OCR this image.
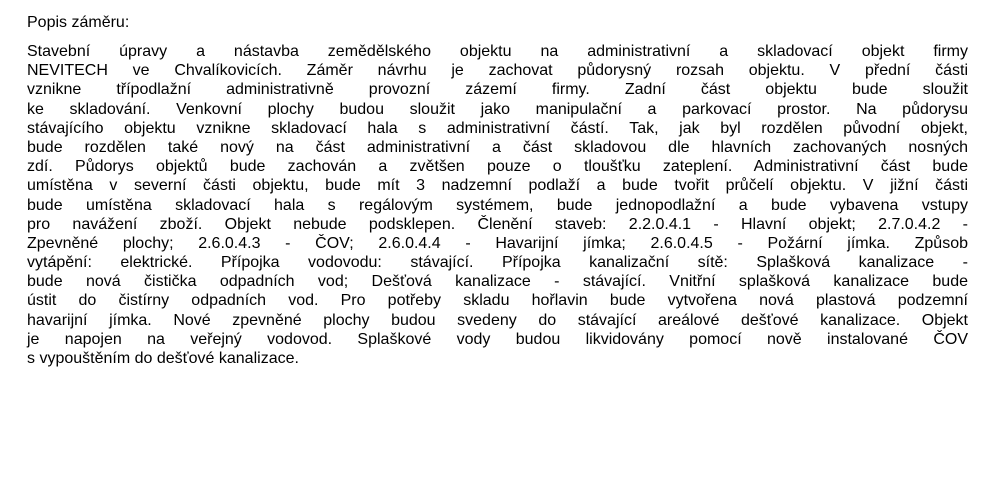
Popis záměru:

Stavební úpravy a nástavba zemědělského objektu na administrativní a skladovací objekt firmy
NEVITECH ve Chvalíkovicích. Záměr návrhu je zachovat půdorysný rozsah objektu. V přední části
vznikne třípodlažní administrativně provozní zázemí firmy. Zadní část objektu bude sloužit
ke skladování. Venkovní plochy budou sloužit jako manipulační a parkovací prostor. Na půdorysu
stávajícího objektu vznikne skladovací hala s administrativní částí. Tak, jak byl rozdělen původní objekt,
bude rozdělen také nový na část administrativní a část skladovou dle hlavních zachovaných nosných
zdí. Půdorys objektů bude zachován a zvětšen pouze o tloušťku zateplení. Administrativní část bude
umístěna v severní části objektu, bude mít 3 nadzemní podlaží a bude tvořit průčelí objektu. V jižní části
bude umístěna skladovací hala s regálovým systémem, bude jednopodlažní a bude vybavena vstupy
pro navážení zboží. Objekt nebude podsklepen. Členění staveb: 2.2.0.4.1 - Hlavní objekt; 2.7.0.4.2 -
Zpevněné plochy; 2.6.0.4.3 - ČOV; 2.6.0.4.4 - Havarijní jímka; 2.6.0.4.5 - Požární jímka. Způsob
vytápění: elektrické. Přípojka vodovodu: stávající. Přípojka kanalizační sítě: Splašková kanalizace -
bude nová čistička odpadních vod; Dešťová kanalizace - stávající. Vnitřní splašková kanalizace bude
ústit do čistírny odpadních vod. Pro potřeby skladu hořlavin bude vytvořena nová plastová podzemní
havarijní jímka. Nové zpevněné plochy budou svedeny do stávající areálové dešťové kanalizace. Objekt
je napojen na veřejný vodovod. Splaškové vody budou likvidovány pomocí nově instalované ČOV
s vypouštěním do dešťové kanalizace.
